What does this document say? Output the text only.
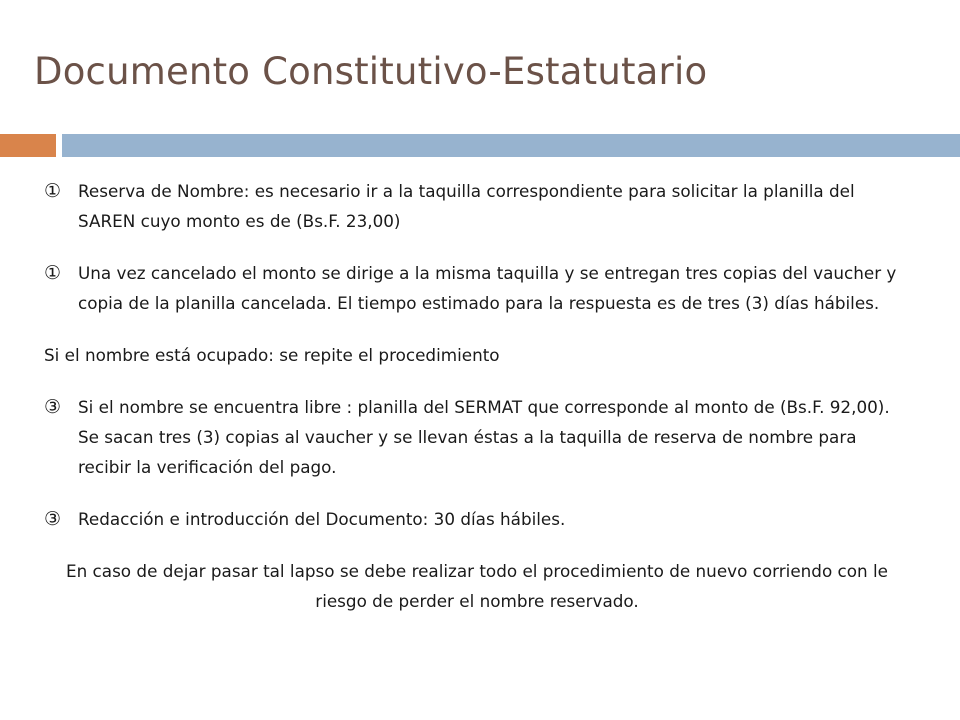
Documento Constitutivo-Estatutario

① Reserva de Nombre: es necesario ir a la taquilla correspondiente para solicitar la planilla del SAREN cuyo monto es de (Bs.F. 23,00)

① Una vez cancelado el monto se dirige a la misma taquilla y se entregan tres copias del vaucher y copia de la planilla cancelada. El tiempo estimado para la respuesta es de tres (3) días hábiles.

Si el nombre está ocupado: se repite el procedimiento

③ Si el nombre se encuentra libre : planilla del SERMAT que corresponde al monto de (Bs.F. 92,00). Se sacan tres (3) copias al vaucher y se llevan éstas a la taquilla de reserva de nombre para recibir la verificación del pago.

③ Redacción e introducción del Documento: 30 días hábiles.

En caso de dejar pasar tal lapso se debe realizar todo el procedimiento de nuevo corriendo con le riesgo de perder el nombre reservado.
